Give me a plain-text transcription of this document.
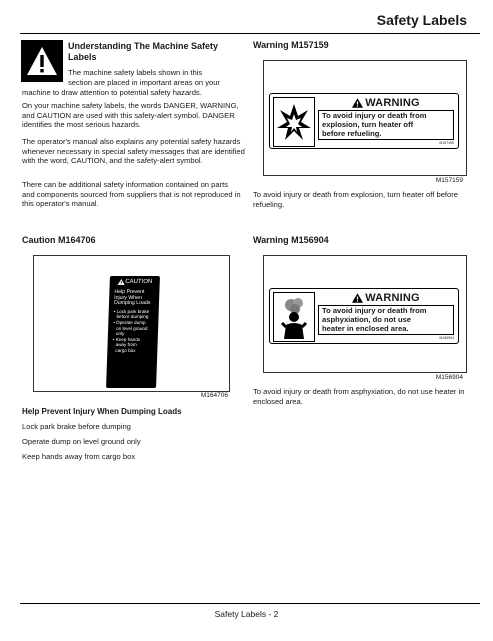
Safety Labels
Understanding The Machine Safety
Labels
The machine safety labels shown in this
section are placed in important areas on your
machine to draw attention to potential safety hazards.
On your machine safety labels, the words DANGER, WARNING, and CAUTION are used with this safety-alert symbol. DANGER identifies the most serious hazards.
The operator's manual also explains any potential safety hazards whenever necessary in special safety messages that are identified with the word, CAUTION, and the safety-alert symbol.
There can be additional safety information contained on parts and components sourced from suppliers that is not reproduced in this operator's manual.
Caution M164706
CAUTION
Help Prevent
Injury When
Dumping Loads
• Lock park brake
before dumping
• Operate dump
on level ground
only
• Keep hands
away from
cargo box
M164706
Help Prevent Injury When Dumping Loads
Lock park brake before dumping
Operate dump on level ground only
Keep hands away from cargo box
Warning M157159
WARNING
To avoid injury or death from
explosion, turn heater off
before refueling.
M157159
M157159
To avoid injury or death from explosion, turn heater off before refueling.
Warning M156904
WARNING
To avoid injury or death from
asphyxiation, do not use
heater in enclosed area.
M156904
M156904
To avoid injury or death from asphyxiation, do not use heater in enclosed area.
Safety Labels - 2
